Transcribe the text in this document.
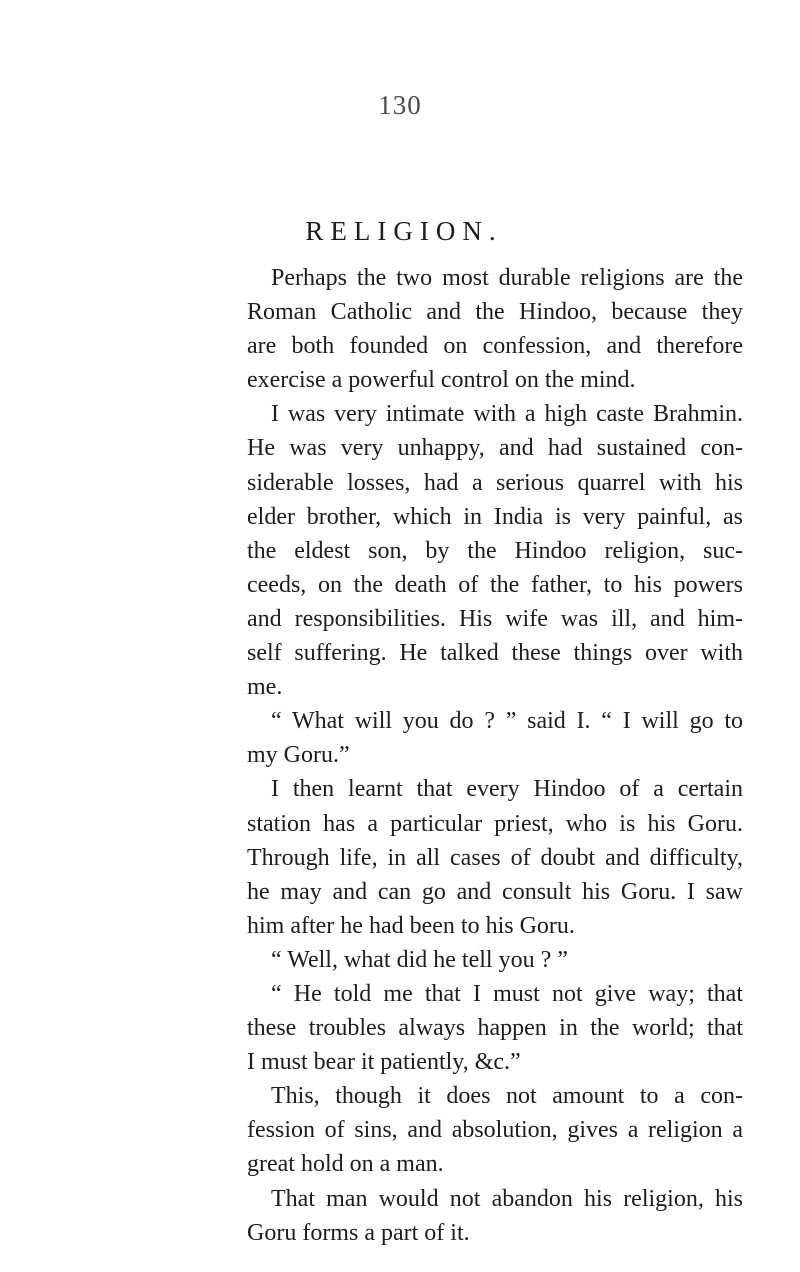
130
RELIGION.
Perhaps the two most durable religions are the
Roman Catholic and the Hindoo, because they
are both founded on confession, and therefore
exercise a powerful control on the mind.
I was very intimate with a high caste Brahmin.
He was very unhappy, and had sustained con-
siderable losses, had a serious quarrel with his
elder brother, which in India is very painful, as
the eldest son, by the Hindoo religion, suc-
ceeds, on the death of the father, to his powers
and responsibilities. His wife was ill, and him-
self suffering. He talked these things over with
me.
“ What will you do ? ” said I. “ I will go to
my Goru.”
I then learnt that every Hindoo of a certain
station has a particular priest, who is his Goru.
Through life, in all cases of doubt and difficulty,
he may and can go and consult his Goru. I saw
him after he had been to his Goru.
“ Well, what did he tell you ? ”
“ He told me that I must not give way; that
these troubles always happen in the world; that
I must bear it patiently, &c.”
This, though it does not amount to a con-
fession of sins, and absolution, gives a religion a
great hold on a man.
That man would not abandon his religion, his
Goru forms a part of it.
